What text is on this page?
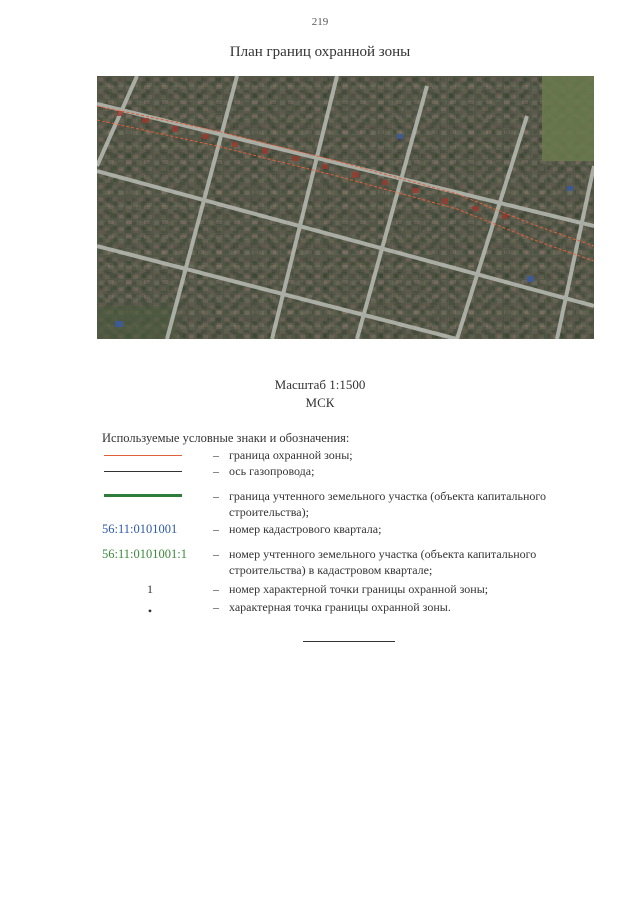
219
План границ охранной зоны
Масштаб 1:1500
МСК
Используемые условные знаки и обозначения:
– граница охранной зоны;
– ось газопровода;
– граница учтенного земельного участка (объекта капитального строительства);
56:11:0101001	– номер кадастрового квартала;
56:11:0101001:1	– номер учтенного земельного участка (объекта капитального строительства) в кадастровом квартале;
1	– номер характерной точки границы охранной зоны;
•	– характерная точка границы охранной зоны.
